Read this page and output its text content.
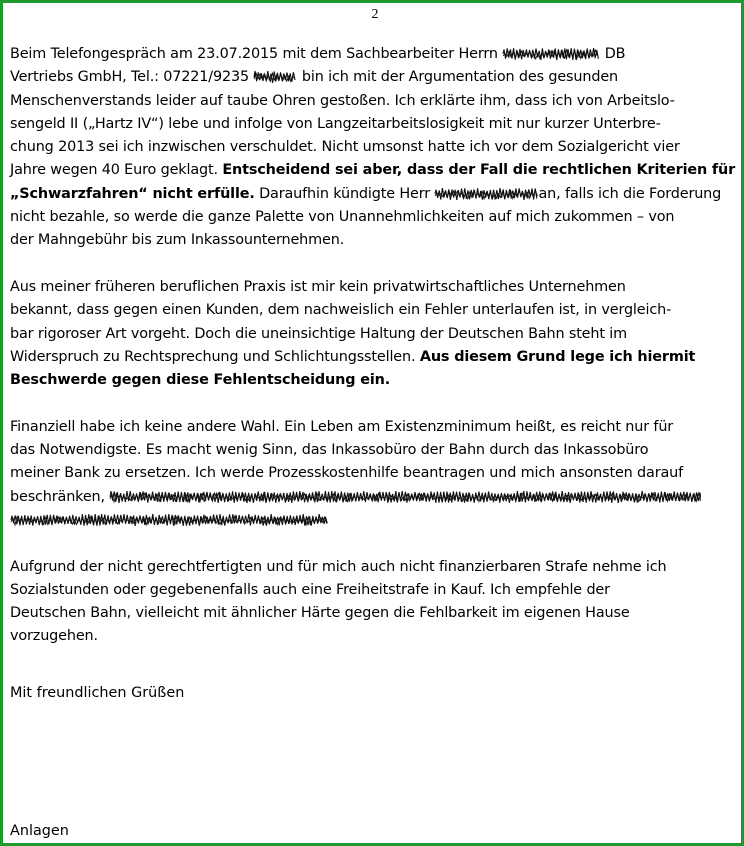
2
Beim Telefongespräch am 23.07.2015 mit dem Sachbearbeiter Herrn	DB
Vertriebs GmbH, Tel.: 07221/9235	bin ich mit der Argumentation des gesunden
Menschenverstands leider auf taube Ohren gestoßen. Ich erklärte ihm, dass ich von Arbeitslo-
sengeld II („Hartz IV“) lebe und infolge von Langzeitarbeitslosigkeit mit nur kurzer Unterbre-
chung 2013 sei ich inzwischen verschuldet. Nicht umsonst hatte ich vor dem Sozialgericht vier
Jahre wegen 40 Euro geklagt. Entscheidend sei aber, dass der Fall die rechtlichen Kriterien für
„Schwarzfahren“ nicht erfülle. Daraufhin kündigte Herr	an, falls ich die Forderung
nicht bezahle, so werde die ganze Palette von Unannehmlichkeiten auf mich zukommen – von
der Mahngebühr bis zum Inkassounternehmen.
Aus meiner früheren beruflichen Praxis ist mir kein privatwirtschaftliches Unternehmen
bekannt, dass gegen einen Kunden, dem nachweislich ein Fehler unterlaufen ist, in vergleich-
bar rigoroser Art vorgeht. Doch die uneinsichtige Haltung der Deutschen Bahn steht im
Widerspruch zu Rechtsprechung und Schlichtungsstellen. Aus diesem Grund lege ich hiermit
Beschwerde gegen diese Fehlentscheidung ein.
Finanziell habe ich keine andere Wahl. Ein Leben am Existenzminimum heißt, es reicht nur für
das Notwendigste. Es macht wenig Sinn, das Inkassobüro der Bahn durch das Inkassobüro
meiner Bank zu ersetzen. Ich werde Prozesskostenhilfe beantragen und mich ansonsten darauf
beschränken,
Aufgrund der nicht gerechtfertigten und für mich auch nicht finanzierbaren Strafe nehme ich
Sozialstunden oder gegebenenfalls auch eine Freiheitstrafe in Kauf. Ich empfehle der
Deutschen Bahn, vielleicht mit ähnlicher Härte gegen die Fehlbarkeit im eigenen Hause
vorzugehen.
Mit freundlichen Grüßen
Anlagen
